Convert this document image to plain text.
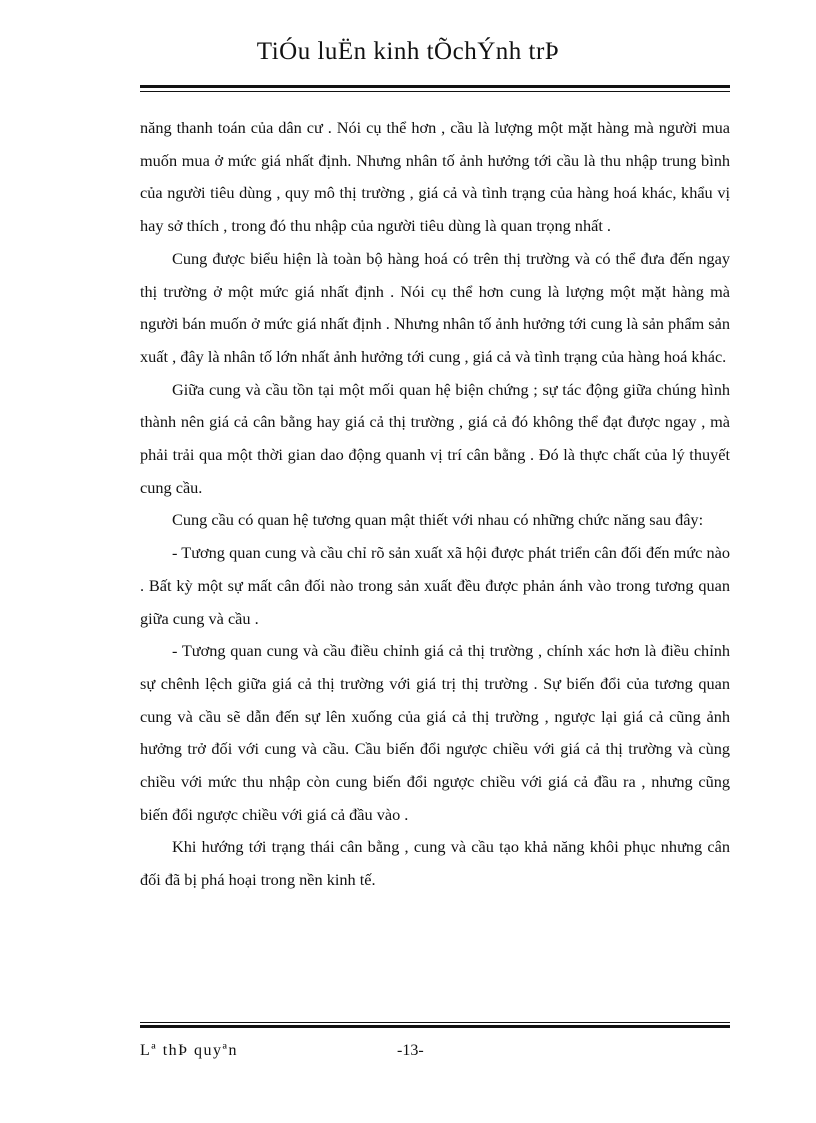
TiÓu luËn kinh tÕchÝnh trÞ

năng thanh toán của dân cư . Nói cụ thể hơn , cầu là lượng một mặt hàng mà người mua muốn mua ở mức giá nhất định. Nhưng nhân tố ảnh hưởng tới cầu là thu nhập trung bình của người tiêu dùng , quy mô thị trường , giá cả và tình trạng của hàng hoá khác, khẩu vị hay sở thích , trong đó thu nhập của người tiêu dùng là quan trọng nhất .

Cung được biểu hiện là toàn bộ hàng hoá có trên thị trường và có thể đưa đến ngay thị trường ở một mức giá nhất định . Nói cụ thể hơn cung là lượng một mặt hàng mà người bán muốn ở mức giá nhất định . Nhưng nhân tố ảnh hưởng tới cung là sản phẩm sản xuất , đây là nhân tố lớn nhất ảnh hưởng tới cung , giá cả và tình trạng của hàng hoá khác.

Giữa cung và cầu tồn tại một mối quan hệ biện chứng ; sự tác động giữa chúng hình thành nên giá cả cân bằng hay giá cả thị trường , giá cả đó không thể đạt được ngay , mà phải trải qua một thời gian dao động quanh vị trí cân bằng . Đó là thực chất của lý thuyết cung cầu.

Cung cầu có quan hệ tương quan mật thiết với nhau có những chức năng sau đây:

- Tương quan cung và cầu chỉ rõ sản xuất xã hội được phát triển cân đối đến mức nào . Bất kỳ một sự mất cân đối nào trong sản xuất đều được phản ánh vào trong tương quan giữa cung và cầu .

- Tương quan cung và cầu điều chỉnh giá cả thị trường , chính xác hơn là điều chỉnh sự chênh lệch giữa giá cả thị trường với giá trị thị trường . Sự biến đổi của tương quan cung và cầu sẽ dẫn đến sự lên xuống của giá cả thị trường , ngược lại giá cả cũng ảnh hưởng trở đối với cung và cầu. Cầu biến đổi ngược chiều với giá cả thị trường và cùng chiều với mức thu nhập còn cung biến đổi ngược chiều với giá cả đầu ra , nhưng cũng biến đổi ngược chiều với giá cả đầu vào .

Khi hướng tới trạng thái cân bằng , cung và cầu tạo khả năng khôi phục nhưng cân đối đã bị phá hoại trong nền kinh tế.

Lª thÞ quyªn	-13-
